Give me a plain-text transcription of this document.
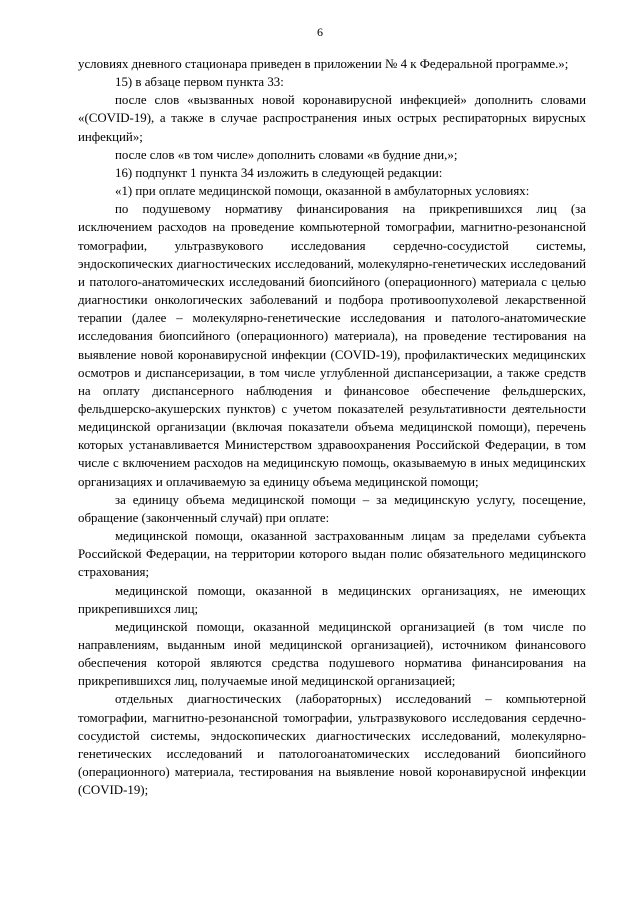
6

условиях дневного стационара приведен в приложении № 4 к Федеральной программе.»;

15) в абзаце первом пункта 33:

после слов «вызванных новой коронавирусной инфекцией» дополнить словами «(COVID-19), а также в случае распространения иных острых респираторных вирусных инфекций»;

после слов «в том числе» дополнить словами «в будние дни,»;

16) подпункт 1 пункта 34 изложить в следующей редакции:

«1) при оплате медицинской помощи, оказанной в амбулаторных условиях:

по подушевому нормативу финансирования на прикрепившихся лиц (за исключением расходов на проведение компьютерной томографии, магнитно-резонансной томографии, ультразвукового исследования сердечно-сосудистой системы, эндоскопических диагностических исследований, молекулярно-генетических исследований и патолого-анатомических исследований биопсийного (операционного) материала с целью диагностики онкологических заболеваний и подбора противоопухолевой лекарственной терапии (далее – молекулярно-генетические исследования и патолого-анатомические исследования биопсийного (операционного) материала), на проведение тестирования на выявление новой коронавирусной инфекции (COVID-19), профилактических медицинских осмотров и диспансеризации, в том числе углубленной диспансеризации, а также средств на оплату диспансерного наблюдения и финансовое обеспечение фельдшерских, фельдшерско-акушерских пунктов) с учетом показателей результативности деятельности медицинской организации (включая показатели объема медицинской помощи), перечень которых устанавливается Министерством здравоохранения Российской Федерации, в том числе с включением расходов на медицинскую помощь, оказываемую в иных медицинских организациях и оплачиваемую за единицу объема медицинской помощи;

за единицу объема медицинской помощи – за медицинскую услугу, посещение, обращение (законченный случай) при оплате:

медицинской помощи, оказанной застрахованным лицам за пределами субъекта Российской Федерации, на территории которого выдан полис обязательного медицинского страхования;

медицинской помощи, оказанной в медицинских организациях, не имеющих прикрепившихся лиц;

медицинской помощи, оказанной медицинской организацией (в том числе по направлениям, выданным иной медицинской организацией), источником финансового обеспечения которой являются средства подушевого норматива финансирования на прикрепившихся лиц, получаемые иной медицинской организацией;

отдельных диагностических (лабораторных) исследований – компьютерной томографии, магнитно-резонансной томографии, ультразвукового исследования сердечно-сосудистой системы, эндоскопических диагностических исследований, молекулярно-генетических исследований и патологоанатомических исследований биопсийного (операционного) материала, тестирования на выявление новой коронавирусной инфекции (COVID-19);
